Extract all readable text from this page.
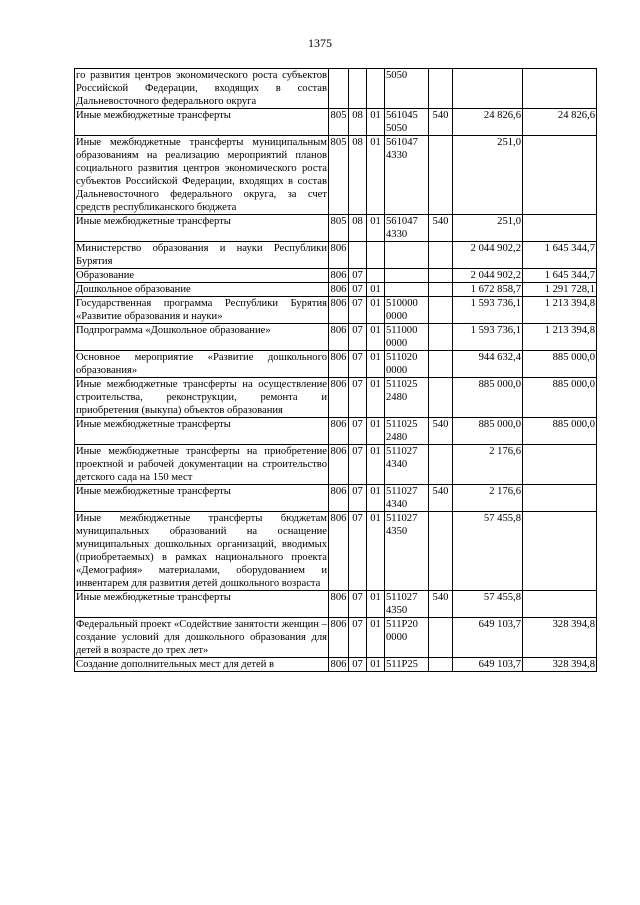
1375
го развития центров экономического роста субъектов Российской Федерации, входящих в состав Дальневосточного федерального округа				5050			

Иные межбюджетные трансферты	805	08	01	561045
5050	540	24 826,6	24 826,6
Иные межбюджетные трансферты муниципальным образованиям на реализацию мероприятий планов социального развития центров экономического роста субъектов Российской Федерации, входящих в состав Дальневосточного федерального округа, за счет средств республиканского бюджета	805	08	01	561047
4330		251,0	
Иные межбюджетные трансферты	805	08	01	561047
4330	540	251,0	
Министерство образования и науки Республики Бурятия	806					2 044 902,2	1 645 344,7
Образование	806	07				2 044 902,2	1 645 344,7
Дошкольное образование	806	07	01			1 672 858,7	1 291 728,1
Государственная программа Республики Бурятия «Развитие образования и науки»	806	07	01	510000
0000		1 593 736,1	1 213 394,8
Подпрограмма «Дошкольное образование»	806	07	01	511000
0000		1 593 736,1	1 213 394,8
Основное мероприятие «Развитие дошкольного образования»	806	07	01	511020
0000		944 632,4	885 000,0
Иные межбюджетные трансферты на осуществление строительства, реконструкции, ремонта и приобретения (выкупа) объектов образования	806	07	01	511025
2480		885 000,0	885 000,0
Иные межбюджетные трансферты	806	07	01	511025
2480	540	885 000,0	885 000,0
Иные межбюджетные трансферты на приобретение проектной и рабочей документации на строительство детского сада на 150 мест	806	07	01	511027
4340		2 176,6	
Иные межбюджетные трансферты	806	07	01	511027
4340	540	2 176,6	
Иные межбюджетные трансферты бюджетам муниципальных образований на оснащение муниципальных дошкольных организаций, вводимых (приобретаемых) в рамках национального проекта «Демография» материалами, оборудованием и инвентарем для развития детей дошкольного возраста	806	07	01	511027
4350		57 455,8	
Иные межбюджетные трансферты	806	07	01	511027
4350	540	57 455,8	
Федеральный проект «Содействие занятости женщин – создание условий для дошкольного образования для детей в возрасте до трех лет»	806	07	01	511P20
0000		649 103,7	328 394,8
Создание дополнительных мест для детей в	806	07	01	511P25		649 103,7	328 394,8
